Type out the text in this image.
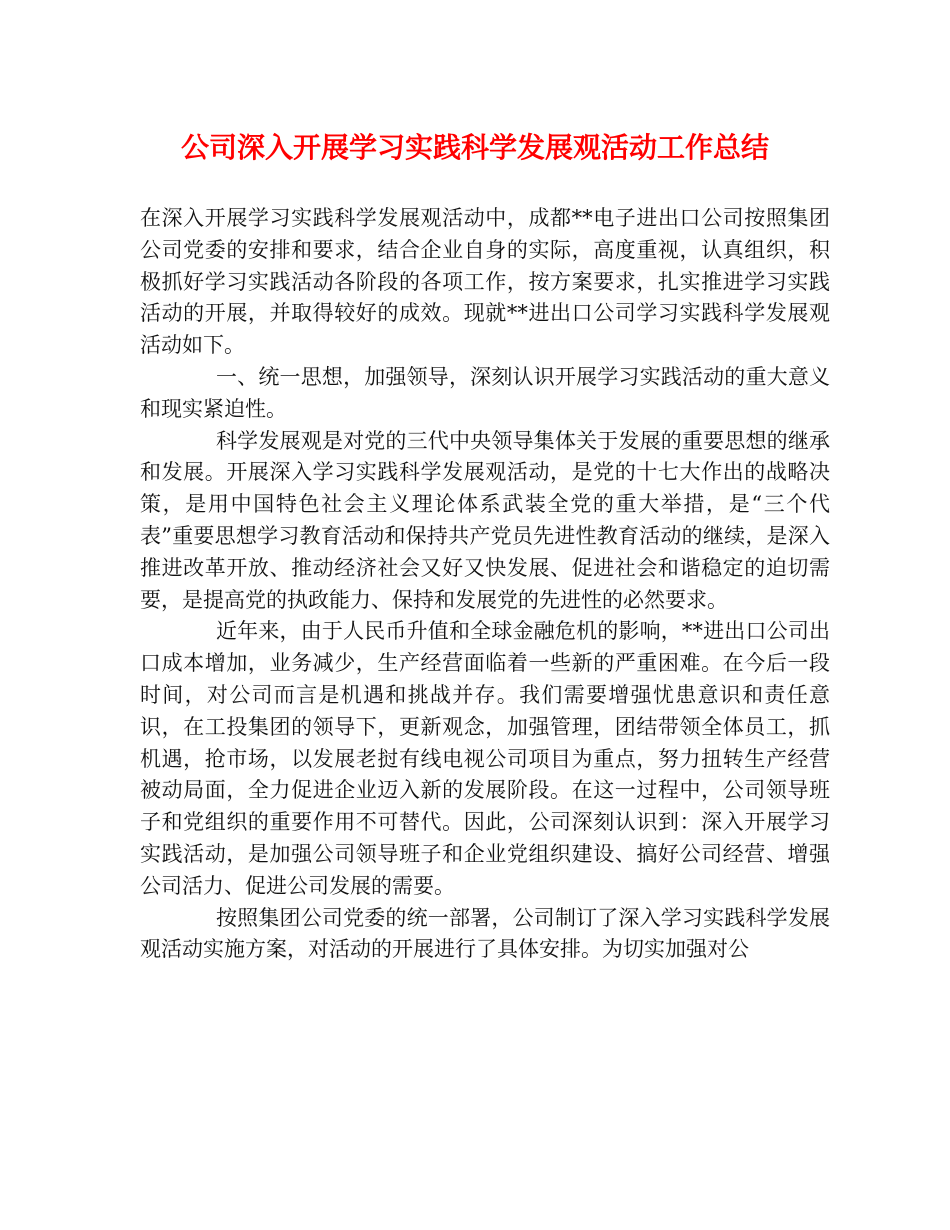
公司深入开展学习实践科学发展观活动工作总结

在深入开展学习实践科学发展观活动中，成都**电子进出口公司按照集团公司党委的安排和要求，结合企业自身的实际，高度重视，认真组织，积极抓好学习实践活动各阶段的各项工作，按方案要求，扎实推进学习实践活动的开展，并取得较好的成效。现就**进出口公司学习实践科学发展观活动如下。

一、统一思想，加强领导，深刻认识开展学习实践活动的重大意义和现实紧迫性。

科学发展观是对党的三代中央领导集体关于发展的重要思想的继承和发展。开展深入学习实践科学发展观活动，是党的十七大作出的战略决策，是用中国特色社会主义理论体系武装全党的重大举措，是“三个代表”重要思想学习教育活动和保持共产党员先进性教育活动的继续，是深入推进改革开放、推动经济社会又好又快发展、促进社会和谐稳定的迫切需要，是提高党的执政能力、保持和发展党的先进性的必然要求。

近年来，由于人民币升值和全球金融危机的影响，**进出口公司出口成本增加，业务减少，生产经营面临着一些新的严重困难。在今后一段时间，对公司而言是机遇和挑战并存。我们需要增强忧患意识和责任意识，在工投集团的领导下，更新观念，加强管理，团结带领全体员工，抓机遇，抢市场，以发展老挝有线电视公司项目为重点，努力扭转生产经营被动局面，全力促进企业迈入新的发展阶段。在这一过程中，公司领导班子和党组织的重要作用不可替代。因此，公司深刻认识到：深入开展学习实践活动，是加强公司领导班子和企业党组织建设、搞好公司经营、增强公司活力、促进公司发展的需要。

按照集团公司党委的统一部署，公司制订了深入学习实践科学发展观活动实施方案，对活动的开展进行了具体安排。为切实加强对公
